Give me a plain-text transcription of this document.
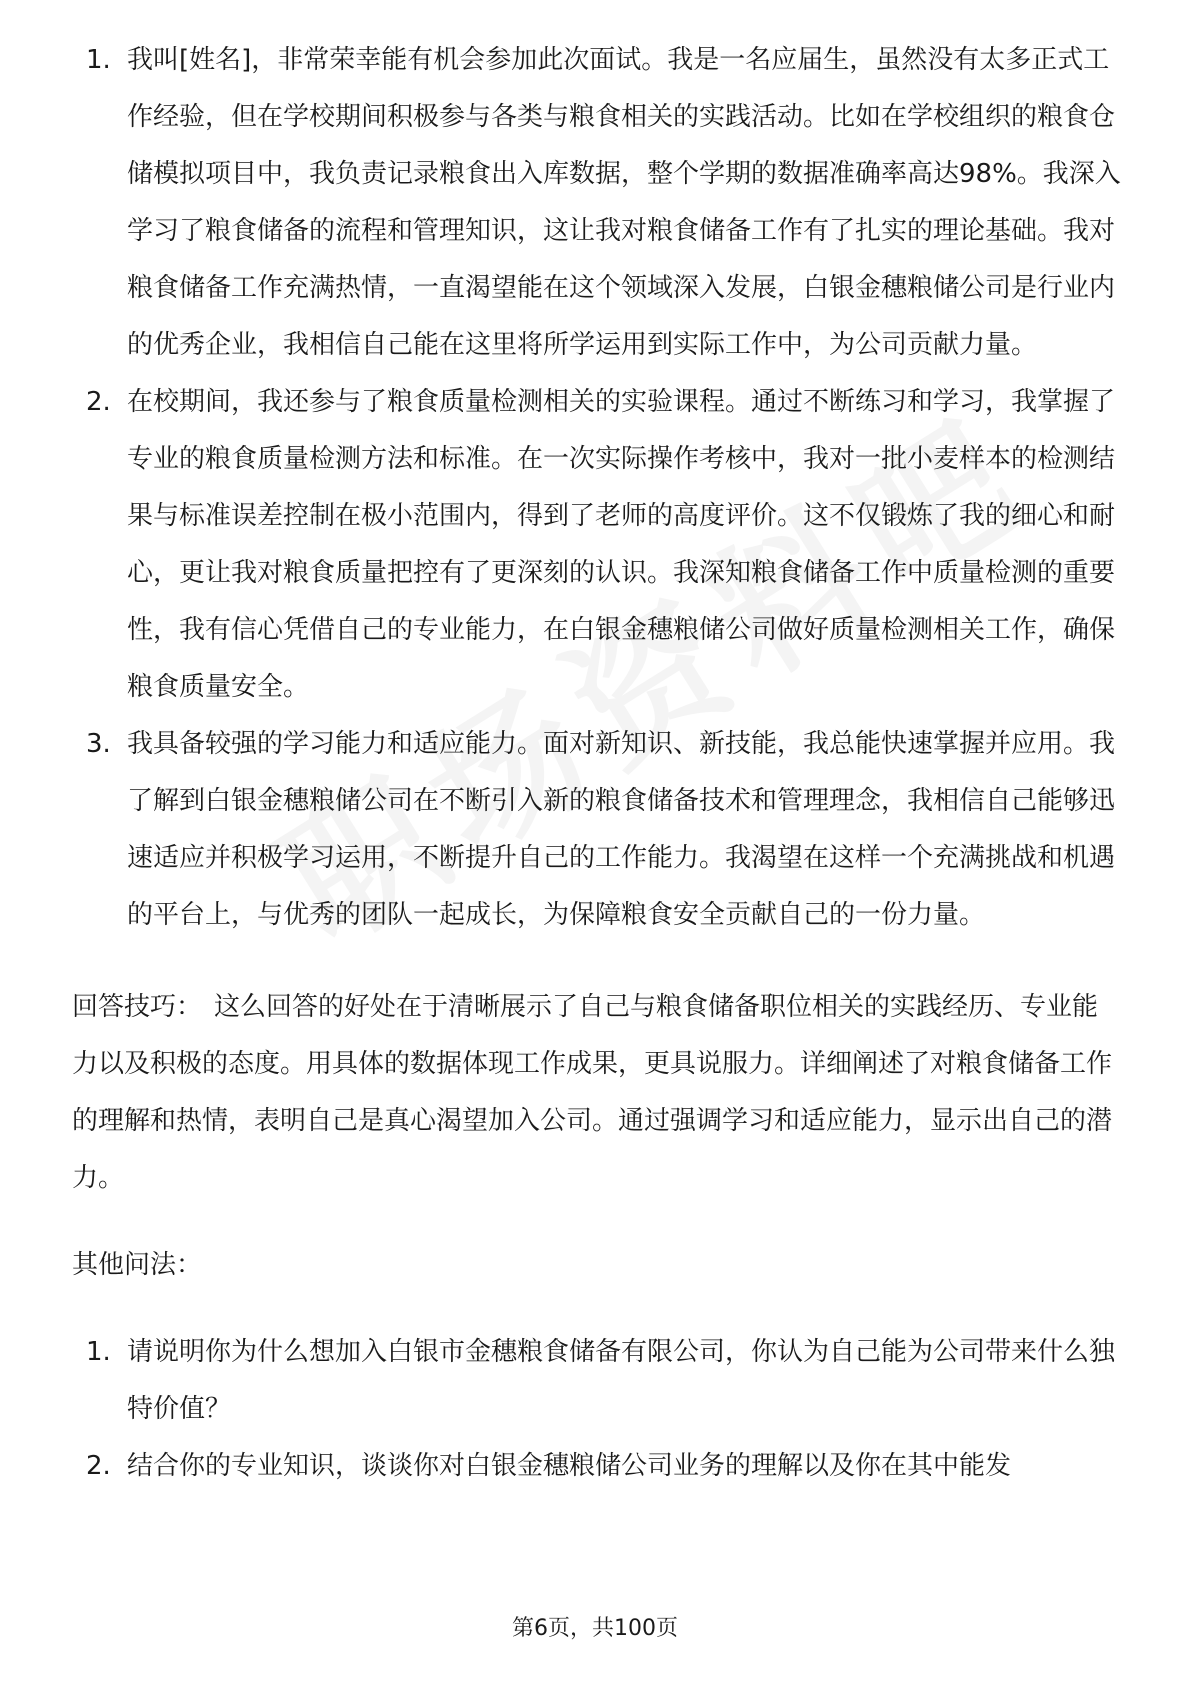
1. 我叫[姓名]，非常荣幸能有机会参加此次面试。我是一名应届生，虽然没有太多正式工作经验，但在学校期间积极参与各类与粮食相关的实践活动。比如在学校组织的粮食仓储模拟项目中，我负责记录粮食出入库数据，整个学期的数据准确率高达98%。我深入学习了粮食储备的流程和管理知识，这让我对粮食储备工作有了扎实的理论基础。我对粮食储备工作充满热情，一直渴望能在这个领域深入发展，白银金穗粮储公司是行业内的优秀企业，我相信自己能在这里将所学运用到实际工作中，为公司贡献力量。
2. 在校期间，我还参与了粮食质量检测相关的实验课程。通过不断练习和学习，我掌握了专业的粮食质量检测方法和标准。在一次实际操作考核中，我对一批小麦样本的检测结果与标准误差控制在极小范围内，得到了老师的高度评价。这不仅锻炼了我的细心和耐心，更让我对粮食质量把控有了更深刻的认识。我深知粮食储备工作中质量检测的重要性，我有信心凭借自己的专业能力，在白银金穗粮储公司做好质量检测相关工作，确保粮食质量安全。
3. 我具备较强的学习能力和适应能力。面对新知识、新技能，我总能快速掌握并应用。我了解到白银金穗粮储公司在不断引入新的粮食储备技术和管理理念，我相信自己能够迅速适应并积极学习运用，不断提升自己的工作能力。我渴望在这样一个充满挑战和机遇的平台上，与优秀的团队一起成长，为保障粮食安全贡献自己的一份力量。

回答技巧： 这么回答的好处在于清晰展示了自己与粮食储备职位相关的实践经历、专业能力以及积极的态度。用具体的数据体现工作成果，更具说服力。详细阐述了对粮食储备工作的理解和热情，表明自己是真心渴望加入公司。通过强调学习和适应能力，显示出自己的潜力。

其他问法：

1. 请说明你为什么想加入白银市金穗粮食储备有限公司，你认为自己能为公司带来什么独特价值？
2. 结合你的专业知识，谈谈你对白银金穗粮储公司业务的理解以及你在其中能发
第6页，共100页
